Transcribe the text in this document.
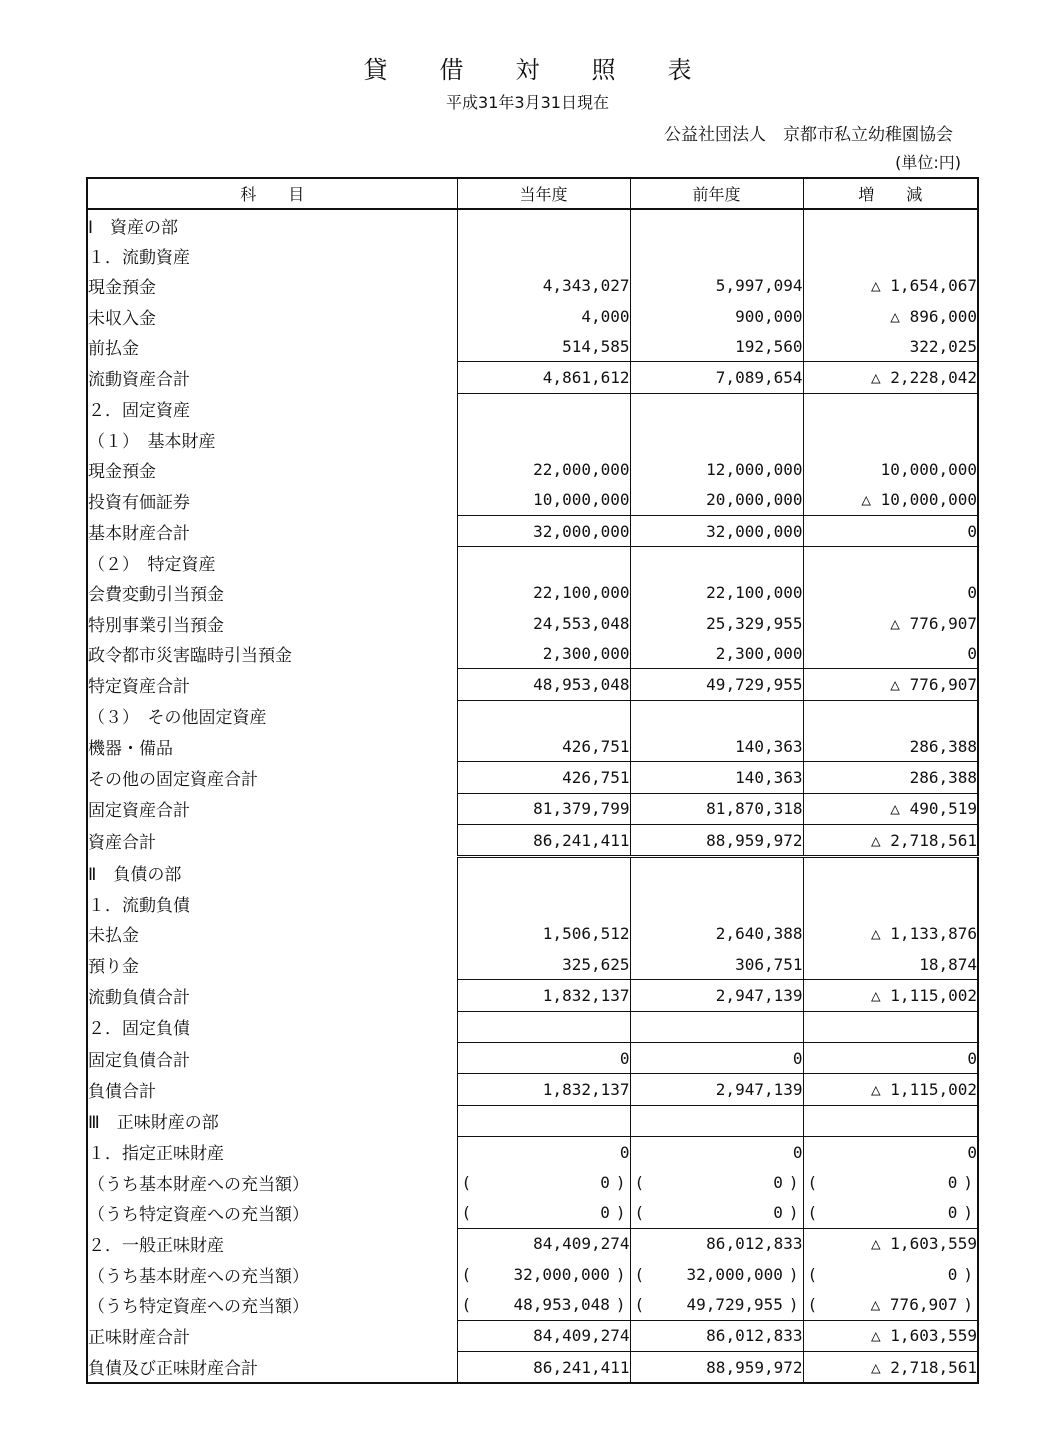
貸借対照表
平成31年3月31日現在
公益社団法人　京都市私立幼稚園協会
(単位:円)
科　　目	当年度	前年度	増　　減
Ⅰ　資産の部			
１．流動資産			
現金預金	4,343,027	5,997,094	△ 1,654,067
未収入金	4,000	900,000	△ 896,000
前払金	514,585	192,560	322,025
流動資産合計	4,861,612	7,089,654	△ 2,228,042
２．固定資産			
（１）　基本財産			
現金預金	22,000,000	12,000,000	10,000,000
投資有価証券	10,000,000	20,000,000	△ 10,000,000
基本財産合計	32,000,000	32,000,000	0
（２）　特定資産			
会費変動引当預金	22,100,000	22,100,000	0
特別事業引当預金	24,553,048	25,329,955	△ 776,907
政令都市災害臨時引当預金	2,300,000	2,300,000	0
特定資産合計	48,953,048	49,729,955	△ 776,907
（３）　その他固定資産			
機器・備品	426,751	140,363	286,388
その他の固定資産合計	426,751	140,363	286,388
固定資産合計	81,379,799	81,870,318	△ 490,519
資産合計	86,241,411	88,959,972	△ 2,718,561
Ⅱ　負債の部			
１．流動負債			
未払金	1,506,512	2,640,388	△ 1,133,876
預り金	325,625	306,751	18,874
流動負債合計	1,832,137	2,947,139	△ 1,115,002
２．固定負債			
固定負債合計	0	0	0
負債合計	1,832,137	2,947,139	△ 1,115,002
Ⅲ　正味財産の部			
１．指定正味財産	0	0	0
（うち基本財産への充当額）	( 0 )	( 0 )	( 0 )

（うち特定資産への充当額）	( 0 )	( 0 )	( 0 )

２．一般正味財産	84,409,274	86,012,833	△ 1,603,559
（うち基本財産への充当額）	( 32,000,000 )	( 32,000,000 )	( 0 )

（うち特定資産への充当額）	( 48,953,048 )	( 49,729,955 )	( △ 776,907 )

正味財産合計	84,409,274	86,012,833	△ 1,603,559
負債及び正味財産合計	86,241,411	88,959,972	△ 2,718,561
